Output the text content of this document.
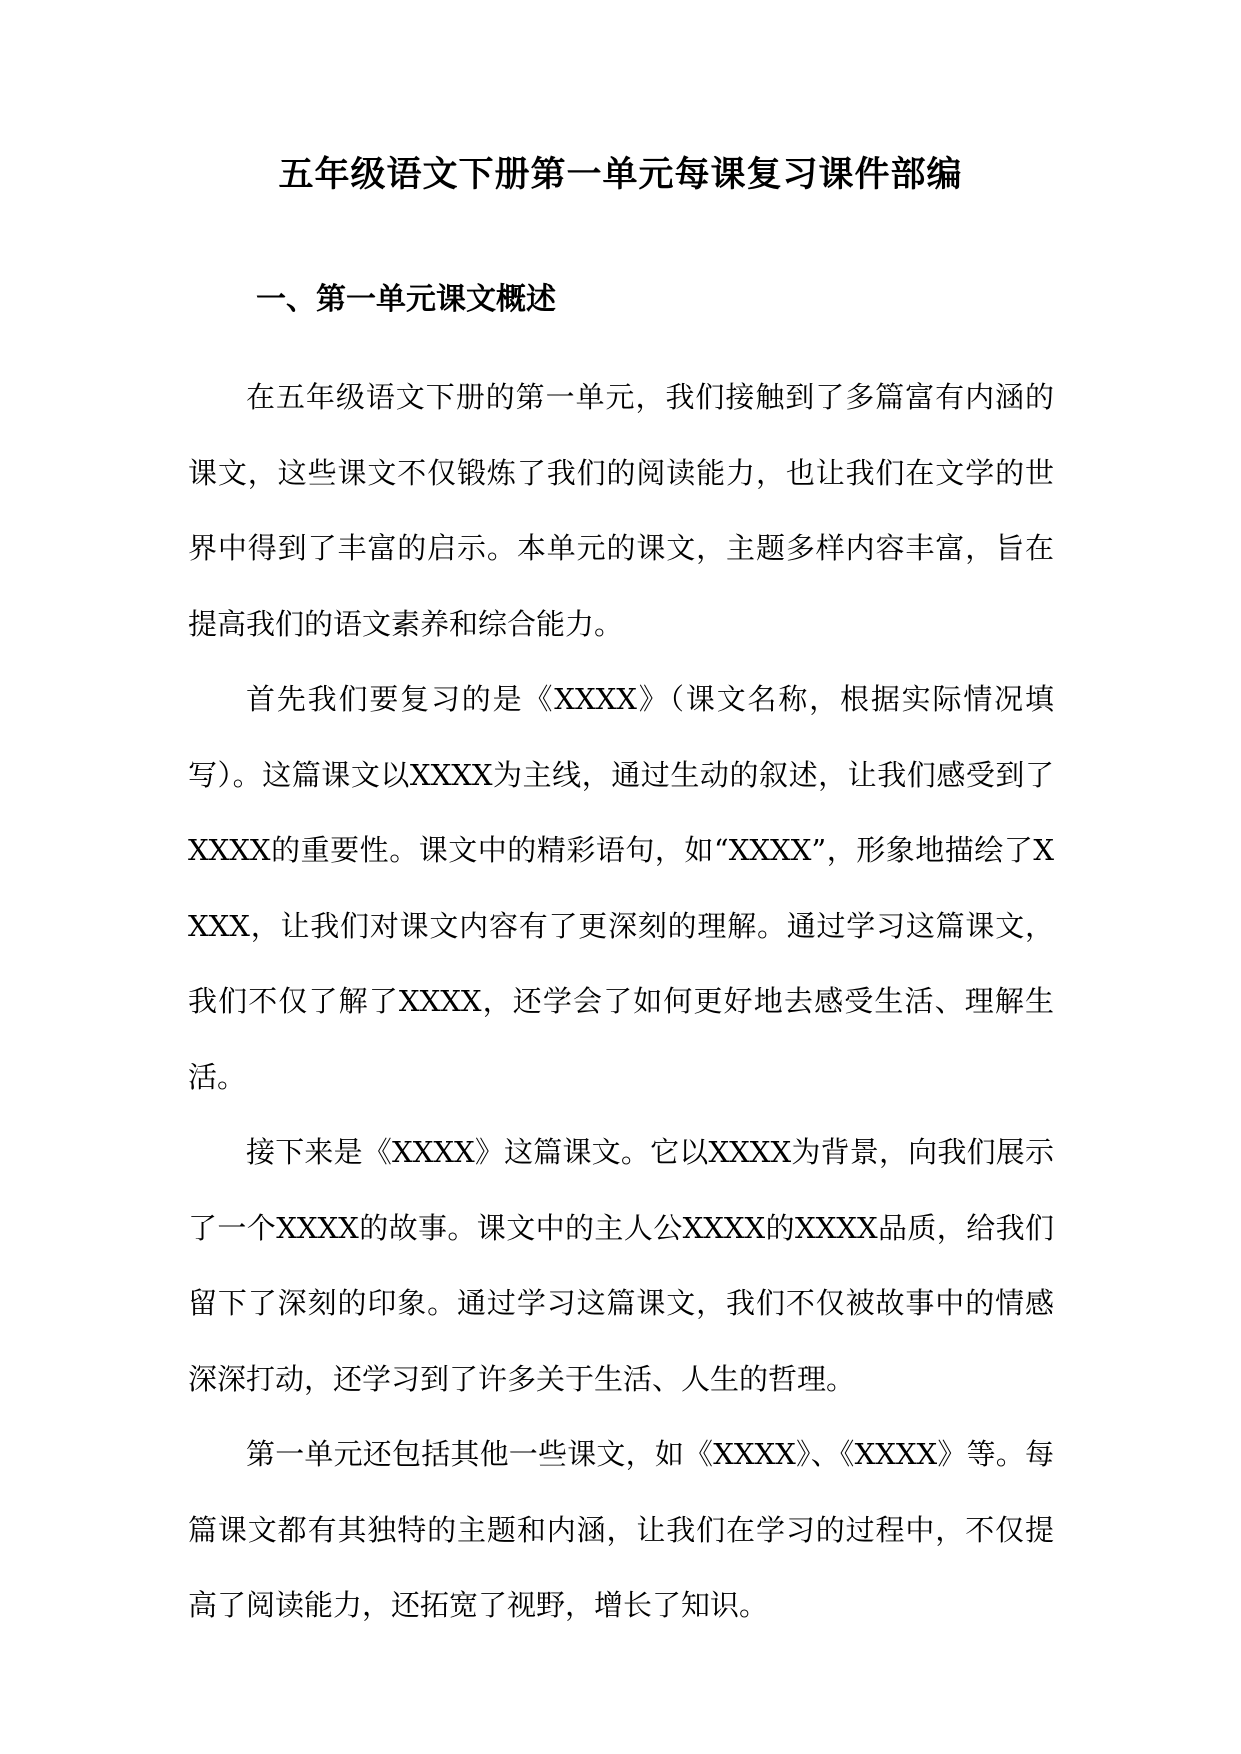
五年级语文下册第一单元每课复习课件部编
一、第一单元课文概述

在五年级语文下册的第一单元，我们接触到了多篇富有内涵的课文，这些课文不仅锻炼了我们的阅读能力，也让我们在文学的世界中得到了丰富的启示。本单元的课文，主题多样内容丰富，旨在提高我们的语文素养和综合能力。

首先我们要复习的是《XXXX》（课文名称，根据实际情况填写）。这篇课文以XXXX为主线，通过生动的叙述，让我们感受到了XXXX的重要性。课文中的精彩语句，如“XXXX”，形象地描绘了XXXX，让我们对课文内容有了更深刻的理解。通过学习这篇课文，我们不仅了解了XXXX，还学会了如何更好地去感受生活、理解生活。

接下来是《XXXX》这篇课文。它以XXXX为背景，向我们展示了一个XXXX的故事。课文中的主人公XXXX的XXXX品质，给我们留下了深刻的印象。通过学习这篇课文，我们不仅被故事中的情感深深打动，还学习到了许多关于生活、人生的哲理。

第一单元还包括其他一些课文，如《XXXX》、《XXXX》等。每篇课文都有其独特的主题和内涵，让我们在学习的过程中，不仅提高了阅读能力，还拓宽了视野，增长了知识。
